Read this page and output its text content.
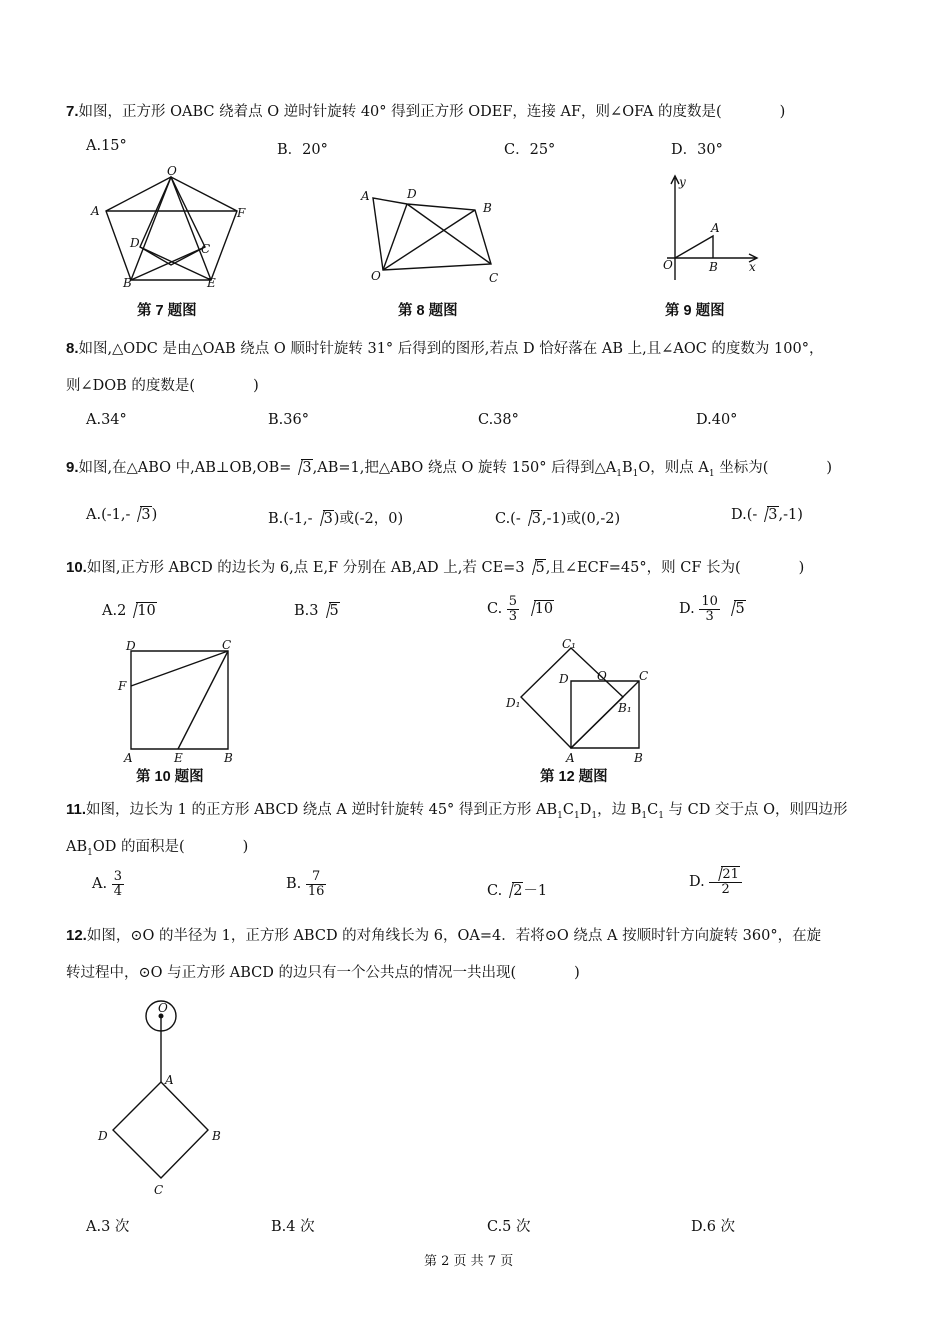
7.如图，正方形 OABC 绕着点 O 逆时针旋转 40° 得到正方形 ODEF，连接 AF，则∠OFA 的度数是(　　　　)
A.15°	B．20°	C．25°	D．30°
O
A	F
D	C
B	E
A	D
B
O	C
y
A
O	B	x
第 7 题图	第 8 题图	第 9 题图
8.如图,△ODC 是由△OAB 绕点 O 顺时针旋转 31° 后得到的图形,若点 D 恰好落在 AB 上,且∠AOC 的度数为 100°，
则∠DOB 的度数是(　　　　)
A.34°	B.36°	C.38°	D.40°
9.如图,在△ABO 中,AB⊥OB,OB= 3,AB=1,把△ABO 绕点 O 旋转 150° 后得到$\triangle A_1B_1O$，则点 $A_1$ 坐标为(　　　　)
A.(-1,- 3)	B.(-1,- 3)或(-2，0)	C.(- 3,-1)或(0,-2)	D.(- 3,-1)
10.如图,正方形 ABCD 的边长为 6,点 E,F 分别在 AB,AD 上,若 CE=3 5,且∠ECF=45°，则 CF 长为(　　　　)
A.2 10	B.3 5	C. $\frac{5}{3} 10$	D. $\frac{10}{3} 5$
D	C
F
A	E	B
C₁
D O	C
D₁	B₁
A	B
第 10 题图	第 12 题图
11.如图，边长为 1 的正方形 ABCD 绕点 A 逆时针旋转 45° 得到正方形 $AB_1C_1D_1$，边 $B_1C_1$ 与 CD 交于点 O，则四边形
$AB_1OD$ 的面积是(　　　　)
A. $\frac{3}{4}$	B. $\frac{7}{16}$	C. 2－1
D. $\frac{21}{2}$
12.如图，⊙O 的半径为 1，正方形 ABCD 的对角线长为 6，OA=4．若将⊙O 绕点 A 按顺时针方向旋转 360°，在旋
转过程中，⊙O 与正方形 ABCD 的边只有一个公共点的情况一共出现(　　　　)
O
A
D	B
C
A.3 次	B.4 次	C.5 次	D.6 次
第 2 页 共 7 页
